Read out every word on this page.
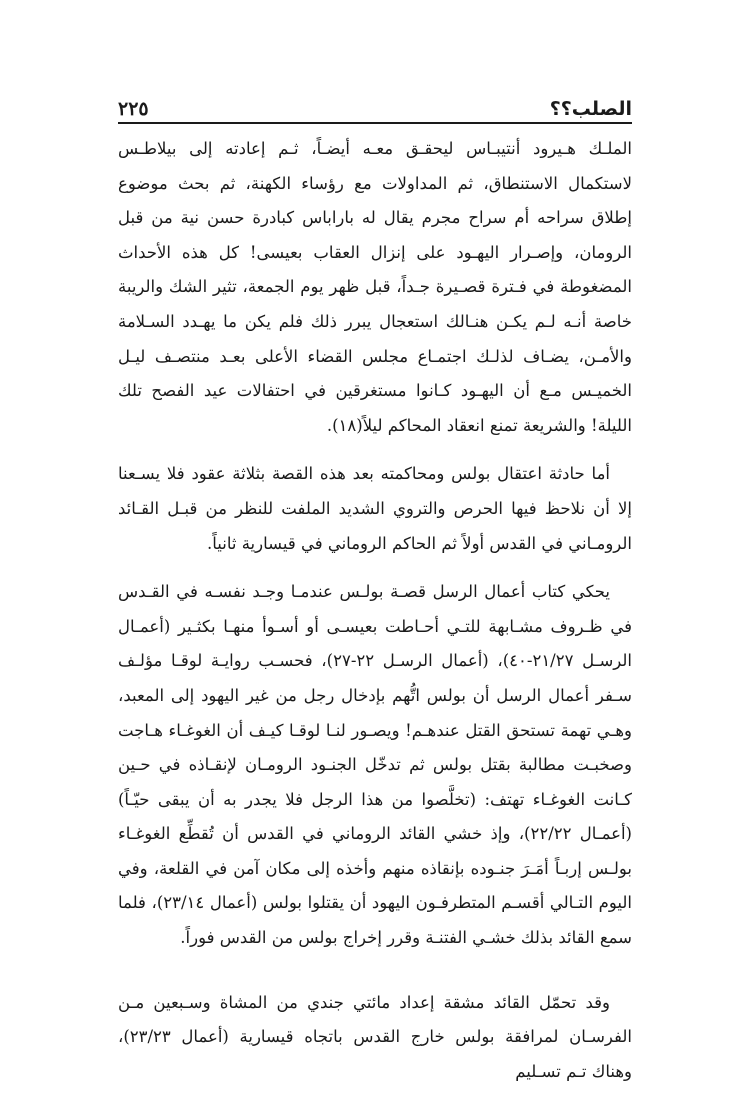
الصلب؟؟
٢٢٥

الملـك هـيرود أنتيبـاس ليحقـق معـه أيضـاً، ثـم إعادته إلى بيلاطـس لاستكمال الاستنطاق، ثم المداولات مع رؤساء الكهنة، ثم بحث موضوع إطلاق سراحه أم سراح مجرم يقال له باراباس كبادرة حسن نية من قبل الرومان، وإصـرار اليهـود على إنزال العقاب بعيسى! كل هذه الأحداث المضغوطة في فـترة قصـيرة جـداً، قبل ظهر يوم الجمعة، تثير الشك والريبة خاصة أنـه لـم يكـن هنـالك استعجال يبرر ذلك فلم يكن ما يهـدد السـلامة والأمـن، يضـاف لذلـك اجتمـاع مجلس القضاء الأعلى بعـد منتصـف ليـل الخميـس مـع أن اليهـود كـانوا مستغرقين في احتفالات عيد الفصح تلك الليلة! والشريعة تمنع انعقاد المحاكم ليلاً(١٨).

أما حادثة اعتقال بولس ومحاكمته بعد هذه القصة بثلاثة عقود فلا يسـعنا إلا أن نلاحظ فيها الحرص والتروي الشديد الملفت للنظر من قبـل القـائد الرومـاني في القدس أولاً ثم الحاكم الروماني في قيسارية ثانياً.

يحكي كتاب أعمال الرسل قصـة بولـس عندمـا وجـد نفسـه في القـدس في ظـروف مشـابهة للتـي أحـاطت بعيسـى أو أسـوأ منهـا بكثـير (أعمـال الرسـل ٢١/٢٧-٤٠)، (أعمال الرسـل ٢٢-٢٧)، فحسـب روايـة لوقـا مؤلـف سـفر أعمال الرسل أن بولس اتُّهم بإدخال رجل من غير اليهود إلى المعبد، وهـي تهمة تستحق القتل عندهـم! ويصـور لنـا لوقـا كيـف أن الغوغـاء هـاجت وصخبـت مطالبة بقتل بولس ثم تدخّل الجنـود الرومـان لإنقـاذه في حـين كـانت الغوغـاء تهتف: (تخلَّصوا من هذا الرجل فلا يجدر به أن يبقى حيّـاً) (أعمـال ٢٢/٢٢)، وإذ خشي القائد الروماني في القدس أن تُقطِّع الغوغـاء بولـس إربـاً أمَـرَ جنـوده بإنقاذه منهم وأخذه إلى مكان آمن في القلعة، وفي اليوم التـالي أقسـم المتطرفـون اليهود أن يقتلوا بولس (أعمال ٢٣/١٤)، فلما سمع القائد بذلك خشـي الفتنـة وقرر إخراج بولس من القدس فوراً.

وقد تحمّل القائد مشقة إعداد مائتي جندي من المشاة وسـبعين مـن الفرسـان لمرافقة بولس خارج القدس باتجاه قيسارية (أعمال ٢٣/٢٣)، وهناك تـم تسـليم
